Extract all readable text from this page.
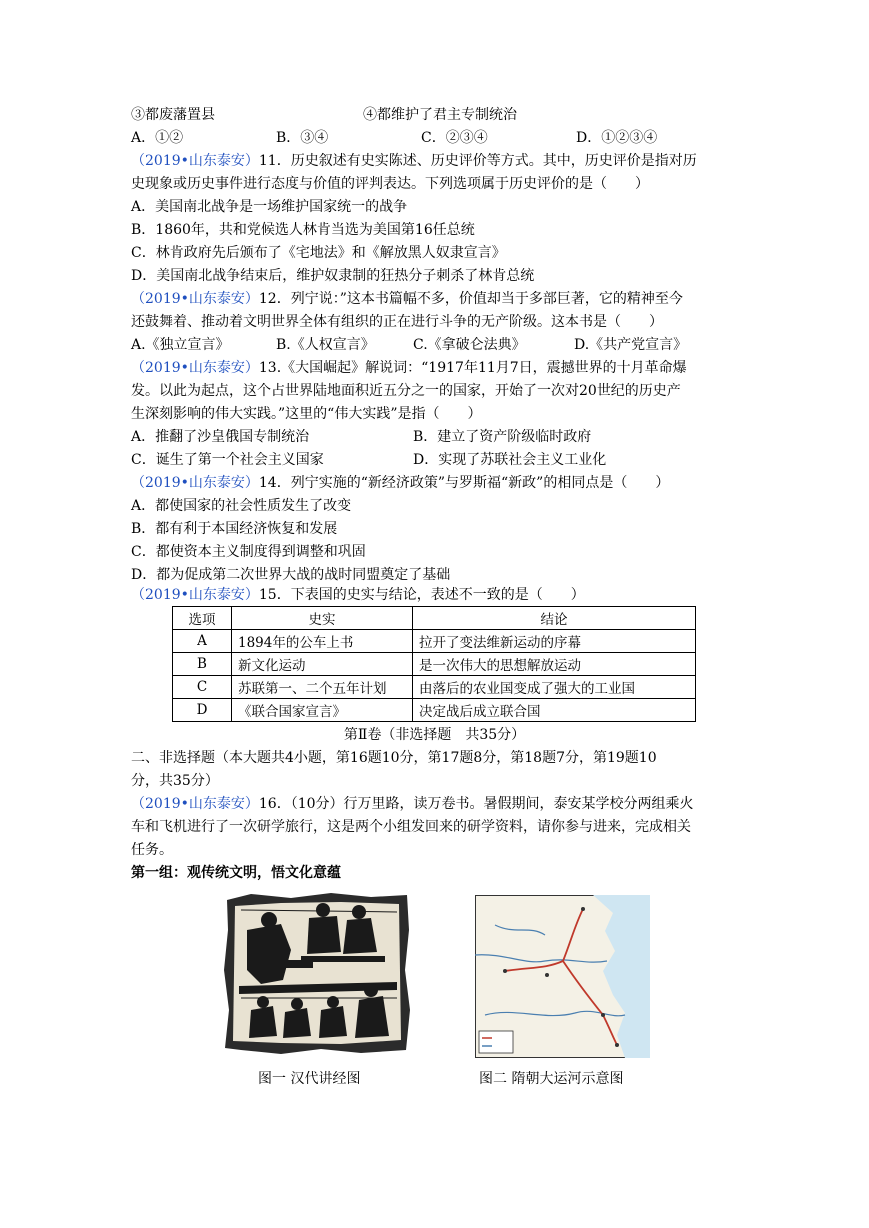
③都废藩置县	④都维护了君主专制统治
A．①②	B．③④	C．②③④	D．①②③④
（2019•山东泰安）11．历史叙述有史实陈述、历史评价等方式。其中，历史评价是指对历
史现象或历史事件进行态度与价值的评判表达。下列选项属于历史评价的是（　　）
A．美国南北战争是一场维护国家统一的战争
B．1860年，共和党候选人林肯当选为美国第16任总统
C．林肯政府先后颁布了《宅地法》和《解放黑人奴隶宣言》
D．美国南北战争结束后，维护奴隶制的狂热分子刺杀了林肯总统
（2019•山东泰安）12．列宁说：”这本书篇幅不多，价值却当于多部巨著，它的精神至今
还鼓舞着、推动着文明世界全体有组织的正在进行斗争的无产阶级。这本书是（　　）
A.《独立宣言》	B.《人权宣言》	C.《拿破仑法典》	D.《共产党宣言》
（2019•山东泰安）13.《大国崛起》解说词：“1917年11月7日，震撼世界的十月革命爆
发。以此为起点，这个占世界陆地面积近五分之一的国家，开始了一次对20世纪的历史产
生深刻影响的伟大实践。”这里的“伟大实践”是指（　　）
A．推翻了沙皇俄国专制统治	B．建立了资产阶级临时政府
C．诞生了第一个社会主义国家	D．实现了苏联社会主义工业化
（2019•山东泰安）14．列宁实施的“新经济政策”与罗斯福“新政”的相同点是（　　）
A．都使国家的社会性质发生了改变
B．都有利于本国经济恢复和发展
C．都使资本主义制度得到调整和巩固
D．都为促成第二次世界大战的战时同盟奠定了基础
（2019•山东泰安）15．下表国的史实与结论，表述不一致的是（　　）
选项	史实	结论
A	1894年的公车上书	拉开了变法维新运动的序幕
B	新文化运动	是一次伟大的思想解放运动
C	苏联第一、二个五年计划	由落后的农业国变成了强大的工业国
D	《联合国家宣言》	决定战后成立联合国
第Ⅱ卷（非选择题　共35分）
二、非选择题（本大题共4小题，第16题10分，第17题8分，第18题7分，第19题10
分，共35分）
（2019•山东泰安）16．（10分）行万里路，读万卷书。暑假期间，泰安某学校分两组乘火
车和飞机进行了一次研学旅行，这是两个小组发回来的研学资料，请你参与进来，完成相关
任务。
第一组：观传统文明，悟文化意蕴
图一 汉代讲经图	图二 隋朝大运河示意图
